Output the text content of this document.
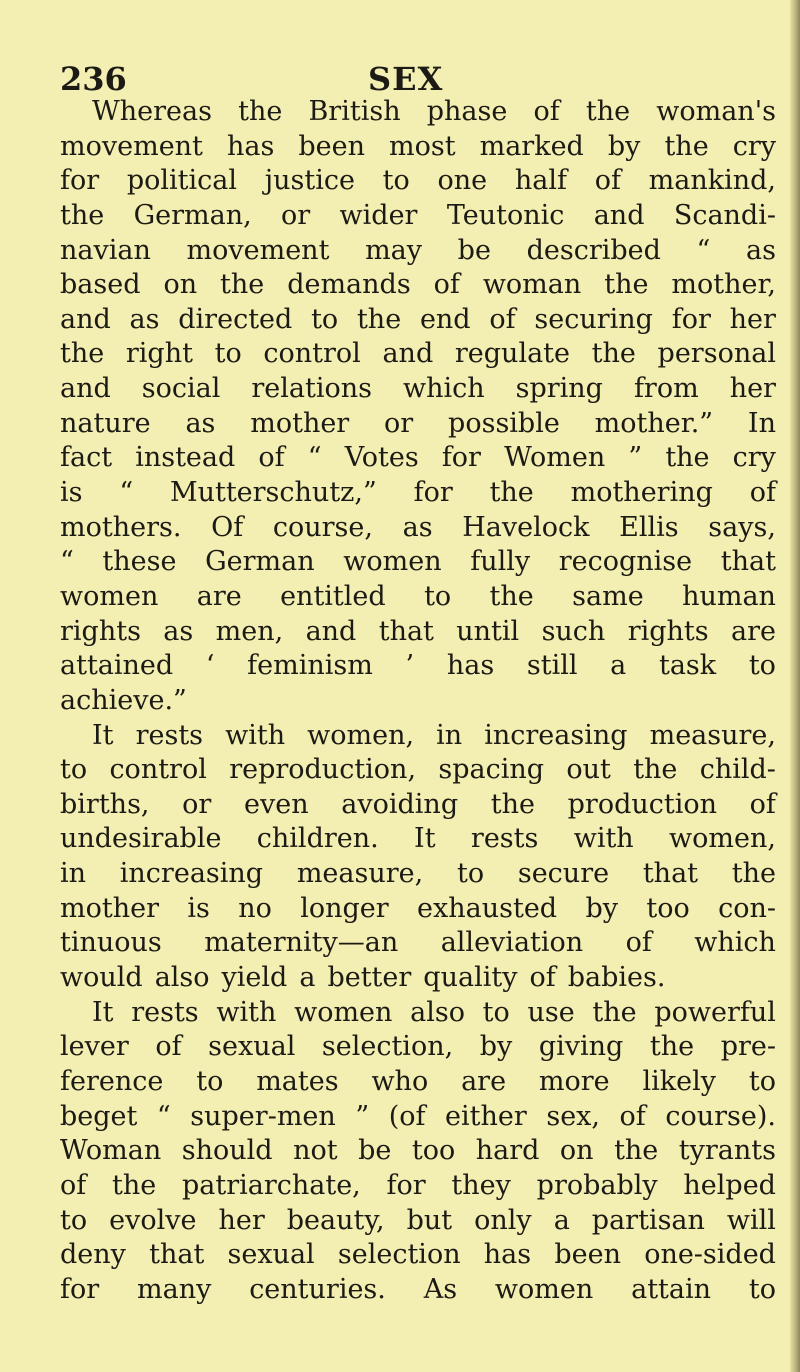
236	SEX
Whereas the British phase of the woman's
movement has been most marked by the cry
for political justice to one half of mankind,
the German, or wider Teutonic and Scandi-
navian movement may be described “ as
based on the demands of woman the mother,
and as directed to the end of securing for her
the right to control and regulate the personal
and social relations which spring from her
nature as mother or possible mother.” In
fact instead of “ Votes for Women ” the cry
is “ Mutterschutz,” for the mothering of
mothers. Of course, as Havelock Ellis says,
“ these German women fully recognise that
women are entitled to the same human
rights as men, and that until such rights are
attained ‘ feminism ’ has still a task to
achieve.”
It rests with women, in increasing measure,
to control reproduction, spacing out the child-
births, or even avoiding the production of
undesirable children. It rests with women,
in increasing measure, to secure that the
mother is no longer exhausted by too con-
tinuous maternity—an alleviation of which
would also yield a better quality of babies.
It rests with women also to use the powerful
lever of sexual selection, by giving the pre-
ference to mates who are more likely to
beget “ super-men ” (of either sex, of course).
Woman should not be too hard on the tyrants
of the patriarchate, for they probably helped
to evolve her beauty, but only a partisan will
deny that sexual selection has been one-sided
for many centuries. As women attain to
